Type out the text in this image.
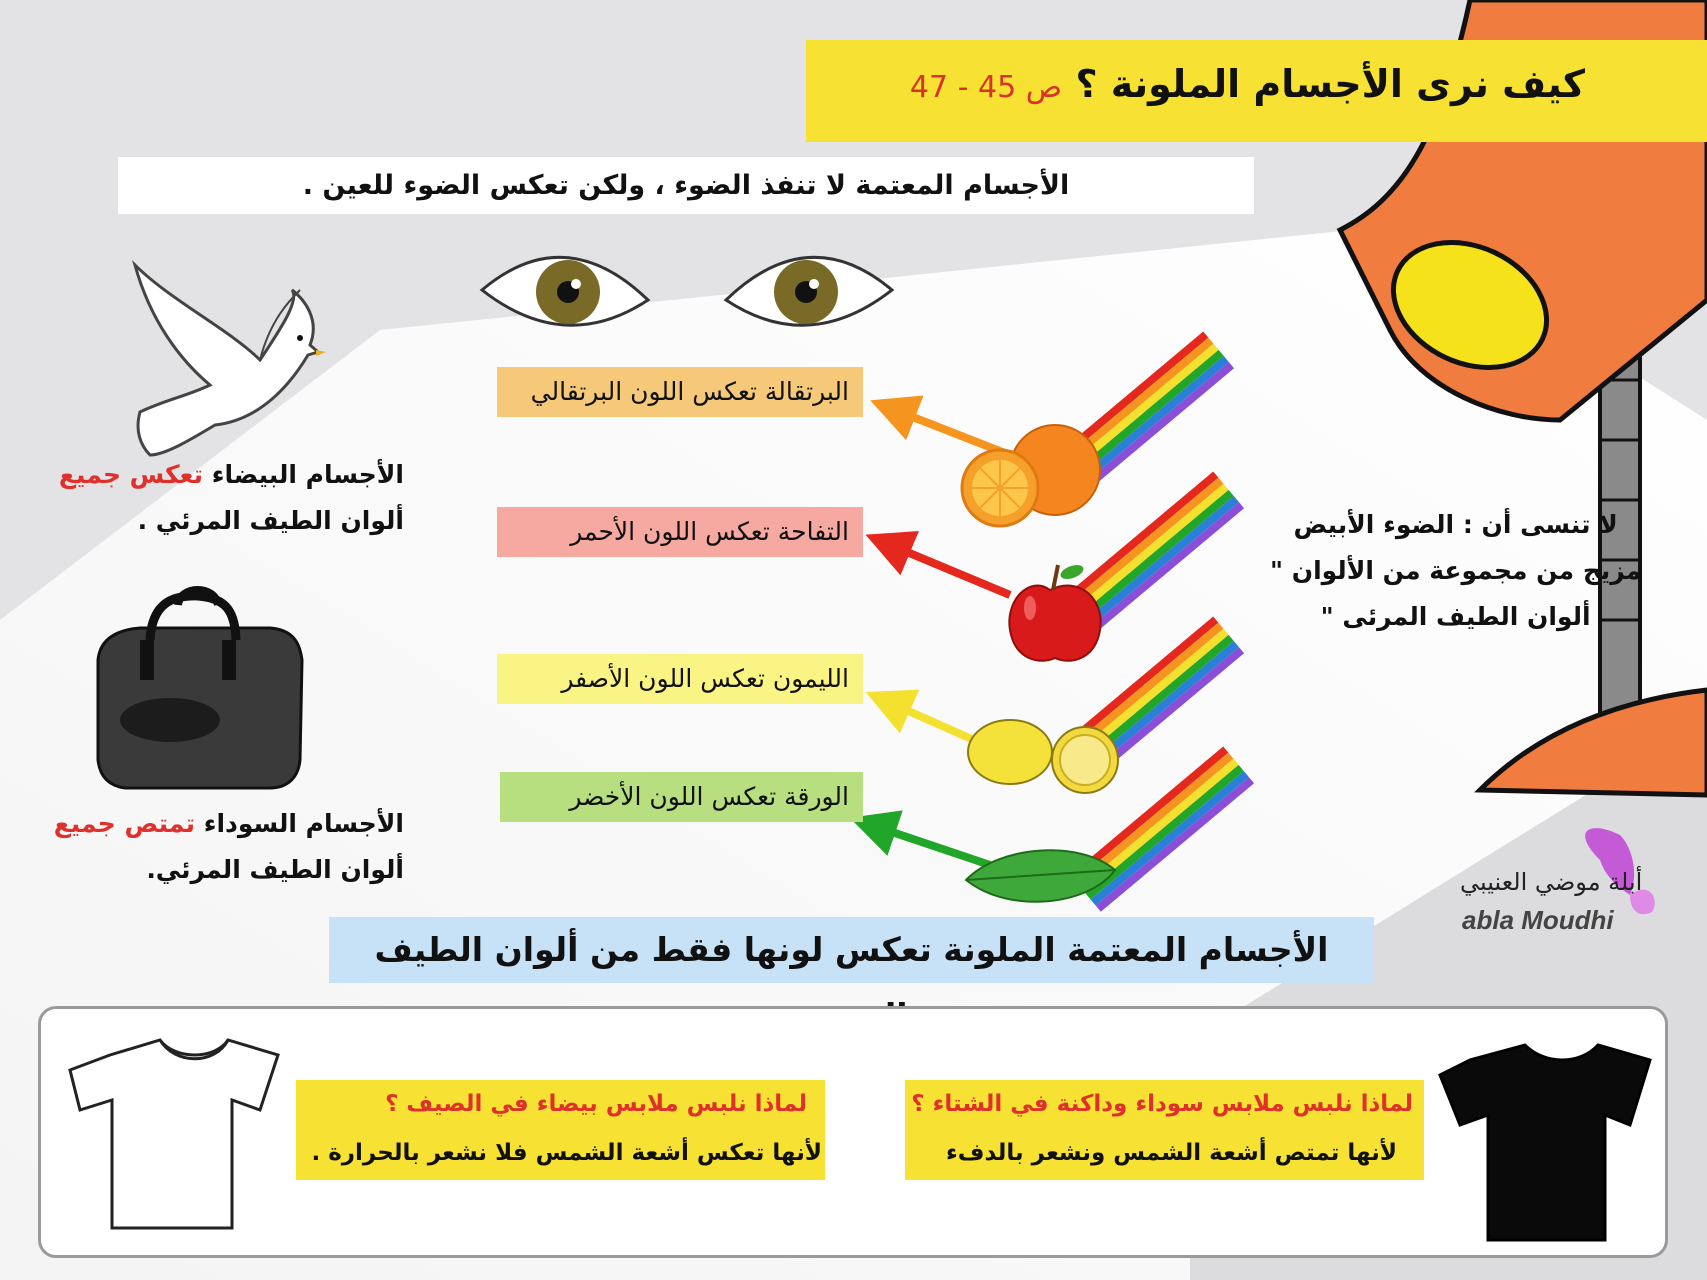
كيف نرى الأجسام الملونة ؟
ص 45 - 47
الأجسام المعتمة لا تنفذ الضوء ، ولكن تعكس الضوء للعين .
البرتقالة تعكس اللون البرتقالي
التفاحة تعكس اللون الأحمر
الليمون تعكس اللون الأصفر
الورقة تعكس اللون الأخضر
الأجسام البيضاء تعكس جميع
ألوان الطيف المرئي .
الأجسام السوداء تمتص جميع
ألوان الطيف المرئي.
لا تنسى أن : الضوء الأبيض
مزيج من مجموعة من الألوان "
ألوان الطيف المرئى "
أبلة موضي العنيبي
abla Moudhi
الأجسام المعتمة الملونة تعكس لونها فقط من ألوان الطيف
لماذا نلبس ملابس بيضاء في الصيف ؟
لأنها تعكس أشعة الشمس فلا نشعر بالحرارة .
لماذا نلبس ملابس سوداء وداكنة في الشتاء ؟
لأنها تمتص أشعة الشمس ونشعر بالدفء
